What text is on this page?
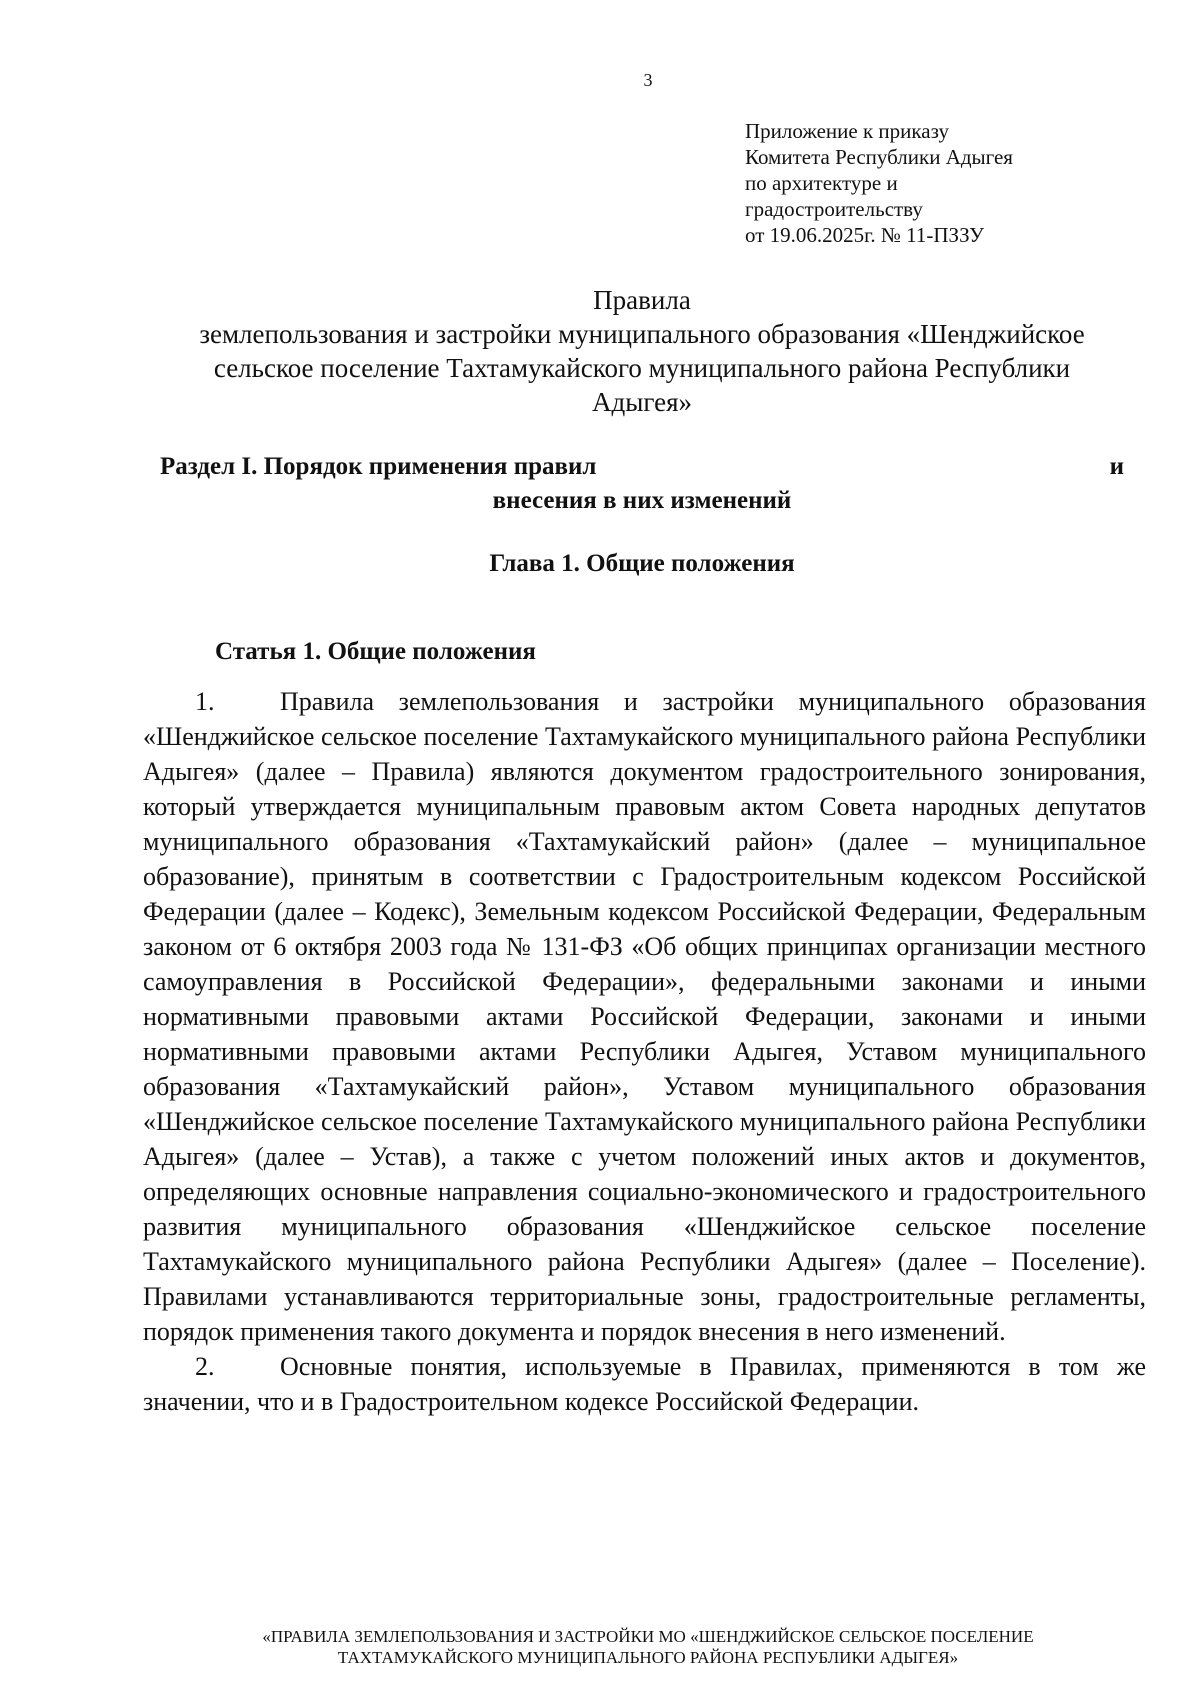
3
Приложение к приказу
Комитета Республики Адыгея
по архитектуре и
градостроительству
от 19.06.2025г. № 11-ПЗЗУ
Правила
землепользования и застройки муниципального образования «Шенджийское
сельское поселение Тахтамукайского муниципального района Республики
Адыгея»
Раздел I. Порядок применения правил	и
внесения в них изменений
Глава 1. Общие положения
Статья 1. Общие положения

1.	Правила землепользования и застройки муниципального образования «Шенджийское сельское поселение Тахтамукайского муниципального района Республики Адыгея» (далее – Правила) являются документом градостроительного зонирования, который утверждается муниципальным правовым актом Совета народных депутатов муниципального образования «Тахтамукайский район» (далее – муниципальное образование), принятым в соответствии с Градостроительным кодексом Российской Федерации (далее – Кодекс), Земельным кодексом Российской Федерации, Федеральным законом от 6 октября 2003 года № 131-ФЗ «Об общих принципах организации местного самоуправления в Российской Федерации», федеральными законами и иными нормативными правовыми актами Российской Федерации, законами и иными нормативными правовыми актами Республики Адыгея, Уставом муниципального образования «Тахтамукайский район», Уставом муниципального образования «Шенджийское сельское поселение Тахтамукайского муниципального района Республики Адыгея» (далее – Устав), а также с учетом положений иных актов и документов, определяющих основные направления социально-экономического и градостроительного развития муниципального образования «Шенджийское сельское поселение Тахтамукайского муниципального района Республики Адыгея» (далее – Поселение). Правилами устанавливаются территориальные зоны, градостроительные регламенты, порядок применения такого документа и порядок внесения в него изменений.

2.	Основные понятия, используемые в Правилах, применяются в том же значении, что и в Градостроительном кодексе Российской Федерации.

«ПРАВИЛА ЗЕМЛЕПОЛЬЗОВАНИЯ И ЗАСТРОЙКИ МО «ШЕНДЖИЙСКОЕ СЕЛЬСКОЕ ПОСЕЛЕНИЕ
ТАХТАМУКАЙСКОГО МУНИЦИПАЛЬНОГО РАЙОНА РЕСПУБЛИКИ АДЫГЕЯ»
